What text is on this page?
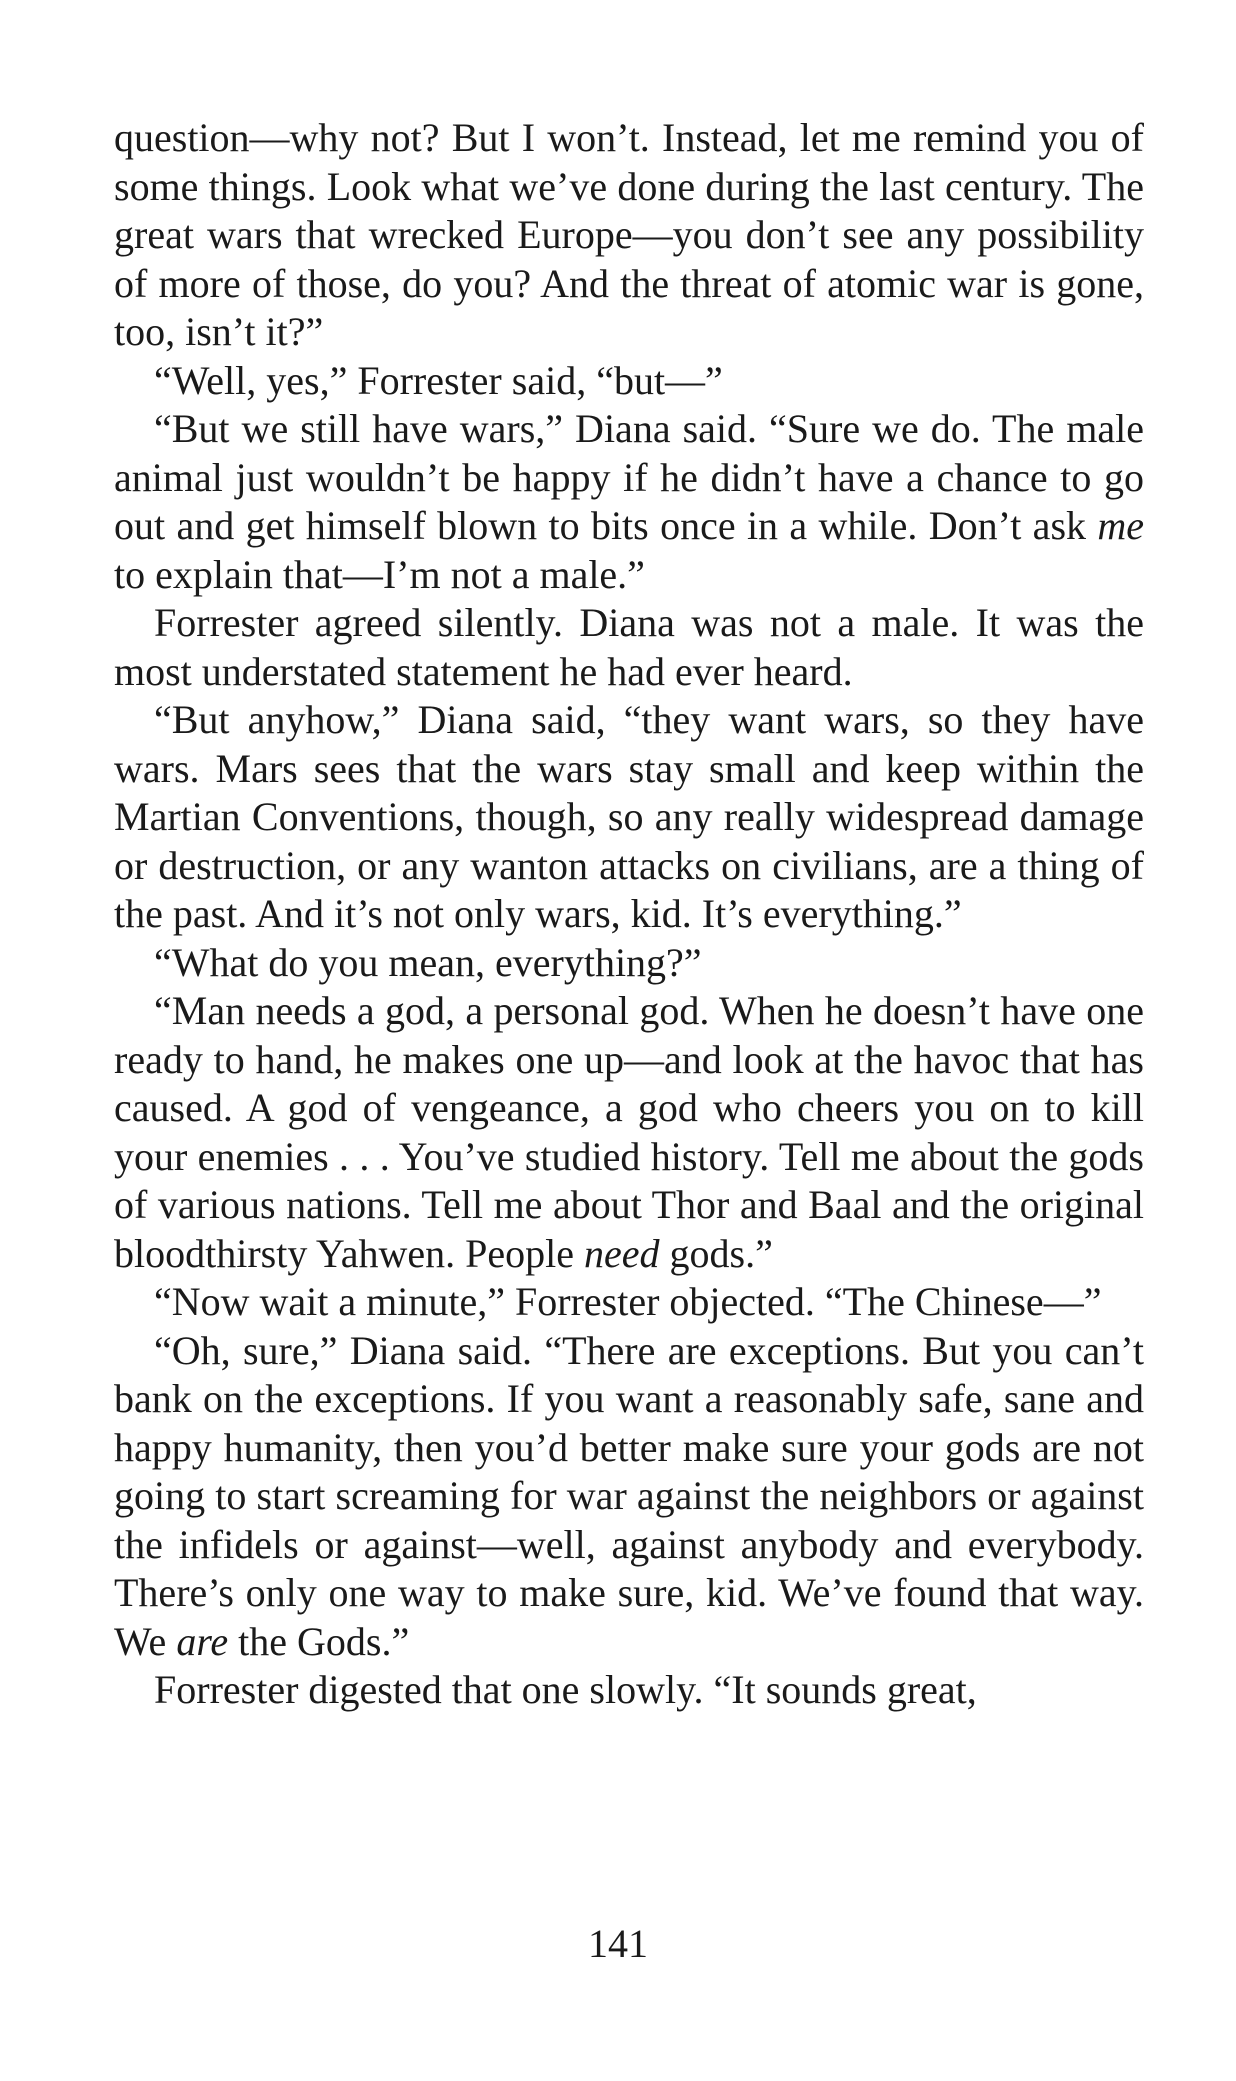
question—why not? But I won’t. Instead, let me remind you of some things. Look what we’ve done during the last century. The great wars that wrecked Europe—you don’t see any possibility of more of those, do you? And the threat of atomic war is gone, too, isn’t it?”

“Well, yes,” Forrester said, “but—”

“But we still have wars,” Diana said. “Sure we do. The male animal just wouldn’t be happy if he didn’t have a chance to go out and get himself blown to bits once in a while. Don’t ask me to explain that—I’m not a male.”

Forrester agreed silently. Diana was not a male. It was the most understated statement he had ever heard.

“But anyhow,” Diana said, “they want wars, so they have wars. Mars sees that the wars stay small and keep within the Martian Conventions, though, so any really widespread damage or destruction, or any wanton attacks on civilians, are a thing of the past. And it’s not only wars, kid. It’s everything.”

“What do you mean, everything?”

“Man needs a god, a personal god. When he doesn’t have one ready to hand, he makes one up—and look at the havoc that has caused. A god of vengeance, a god who cheers you on to kill your enemies . . . You’ve studied history. Tell me about the gods of various nations. Tell me about Thor and Baal and the original bloodthirsty Yahwen. People need gods.”

“Now wait a minute,” Forrester objected. “The Chinese—”

“Oh, sure,” Diana said. “There are exceptions. But you can’t bank on the exceptions. If you want a reasonably safe, sane and happy humanity, then you’d better make sure your gods are not going to start screaming for war against the neighbors or against the infidels or against—well, against anybody and everybody. There’s only one way to make sure, kid. We’ve found that way. We are the Gods.”

Forrester digested that one slowly. “It sounds great,

141
